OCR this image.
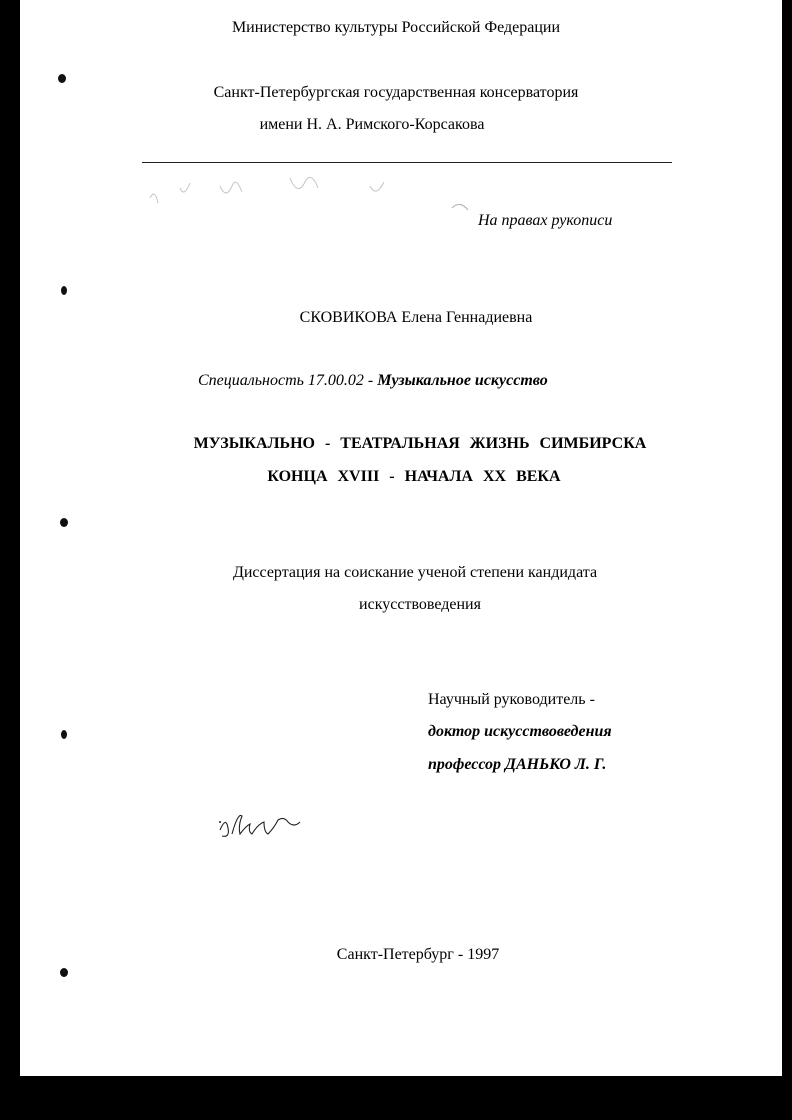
Министерство культуры Российской Федерации
Санкт-Петербургская государственная консерватория
имени Н. А. Римского-Корсакова
На правах рукописи
СКОВИКОВА Елена Геннадиевна
Специальность 17.00.02 - Музыкальное искусство
МУЗЫКАЛЬНО - ТЕАТРАЛЬНАЯ ЖИЗНЬ СИМБИРСКА
КОНЦА XVIII - НАЧАЛА ХХ ВЕКА
Диссертация на соискание ученой степени кандидата
искусствоведения
Научный руководитель -
доктор искусствоведения
профессор ДАНЬКО Л. Г.
Санкт-Петербург - 1997
